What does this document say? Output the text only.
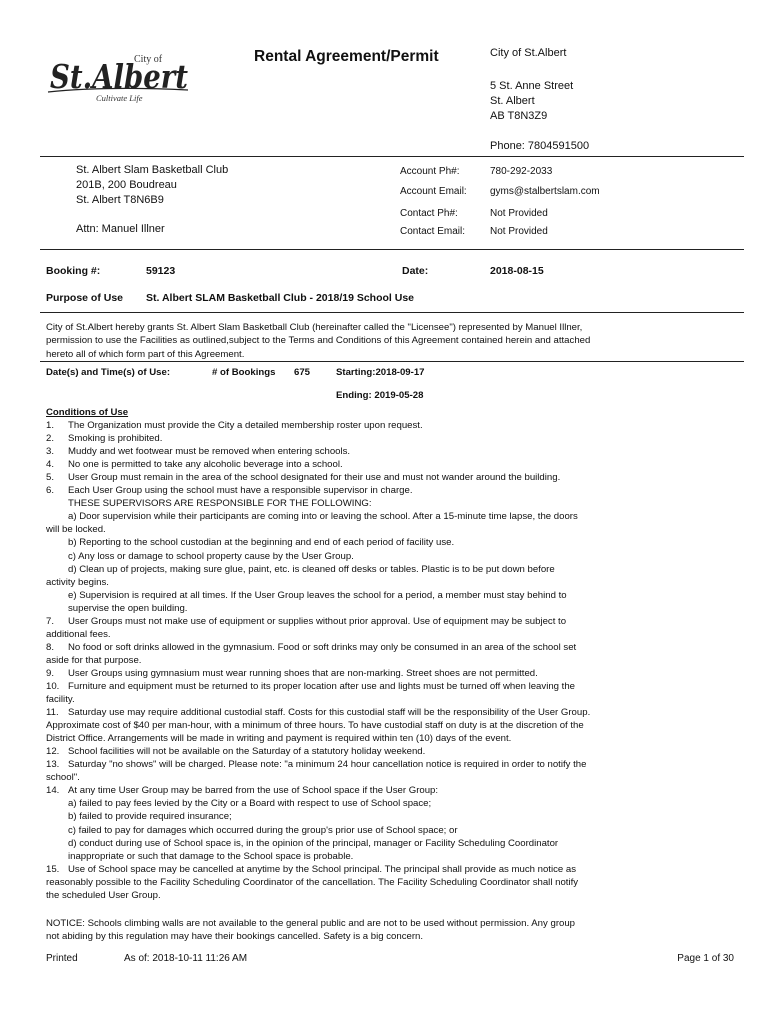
City of
St.Albert
Cultivate Life
Rental Agreement/Permit	City of St.Albert
5 St. Anne Street
St. Albert
AB T8N3Z9
Phone: 7804591500
St. Albert Slam Basketball Club
201B, 200 Boudreau
St. Albert T8N6B9
Attn: Manuel Illner
Account Ph#:	780-292-2033
Account Email: gyms@stalbertslam.com
Contact Ph#:	Not Provided
Contact Email: Not Provided
Booking #:	59123	Date:	2018-08-15
Purpose of Use St. Albert SLAM Basketball Club - 2018/19 School Use
City of St.Albert hereby grants St. Albert Slam Basketball Club (hereinafter called the "Licensee") represented by Manuel Illner,
permission to use the Facilities as outlined,subject to the Terms and Conditions of this Agreement contained herein and attached
hereto all of which form part of this Agreement.
Date(s) and Time(s) of Use:	# of Bookings 675	Starting:2018-09-17
Ending: 2019-05-28
Conditions of Use
1. The Organization must provide the City a detailed membership roster upon request.
2. Smoking is prohibited.
3. Muddy and wet footwear must be removed when entering schools.
4. No one is permitted to take any alcoholic beverage into a school.
5. User Group must remain in the area of the school designated for their use and must not wander around the building.
6. Each User Group using the school must have a responsible supervisor in charge.
THESE SUPERVISORS ARE RESPONSIBLE FOR THE FOLLOWING:
a) Door supervision while their participants are coming into or leaving the school. After a 15-minute time lapse, the doors
will be locked.
b) Reporting to the school custodian at the beginning and end of each period of facility use.
c) Any loss or damage to school property cause by the User Group.
d) Clean up of projects, making sure glue, paint, etc. is cleaned off desks or tables. Plastic is to be put down before
activity begins.
e) Supervision is required at all times. If the User Group leaves the school for a period, a member must stay behind to
supervise the open building.
7. User Groups must not make use of equipment or supplies without prior approval. Use of equipment may be subject to
additional fees.
8. No food or soft drinks allowed in the gymnasium. Food or soft drinks may only be consumed in an area of the school set
aside for that purpose.
9. User Groups using gymnasium must wear running shoes that are non-marking. Street shoes are not permitted.
10. Furniture and equipment must be returned to its proper location after use and lights must be turned off when leaving the
facility.
11. Saturday use may require additional custodial staff. Costs for this custodial staff will be the responsibility of the User Group.
Approximate cost of $40 per man-hour, with a minimum of three hours. To have custodial staff on duty is at the discretion of the
District Office. Arrangements will be made in writing and payment is required within ten (10) days of the event.
12. School facilities will not be available on the Saturday of a statutory holiday weekend.
13. Saturday "no shows" will be charged. Please note: "a minimum 24 hour cancellation notice is required in order to notify the
school".
14. At any time User Group may be barred from the use of School space if the User Group:
a) failed to pay fees levied by the City or a Board with respect to use of School space;
b) failed to provide required insurance;
c) failed to pay for damages which occurred during the group's prior use of School space; or
d) conduct during use of School space is, in the opinion of the principal, manager or Facility Scheduling Coordinator
inappropriate or such that damage to the School space is probable.
15. Use of School space may be cancelled at anytime by the School principal. The principal shall provide as much notice as
reasonably possible to the Facility Scheduling Coordinator of the cancellation. The Facility Scheduling Coordinator shall notify
the scheduled User Group.
NOTICE: Schools climbing walls are not available to the general public and are not to be used without permission. Any group
not abiding by this regulation may have their bookings cancelled. Safety is a big concern.
Printed	As of: 2018-10-11 11:26 AM	Page 1 of 30
